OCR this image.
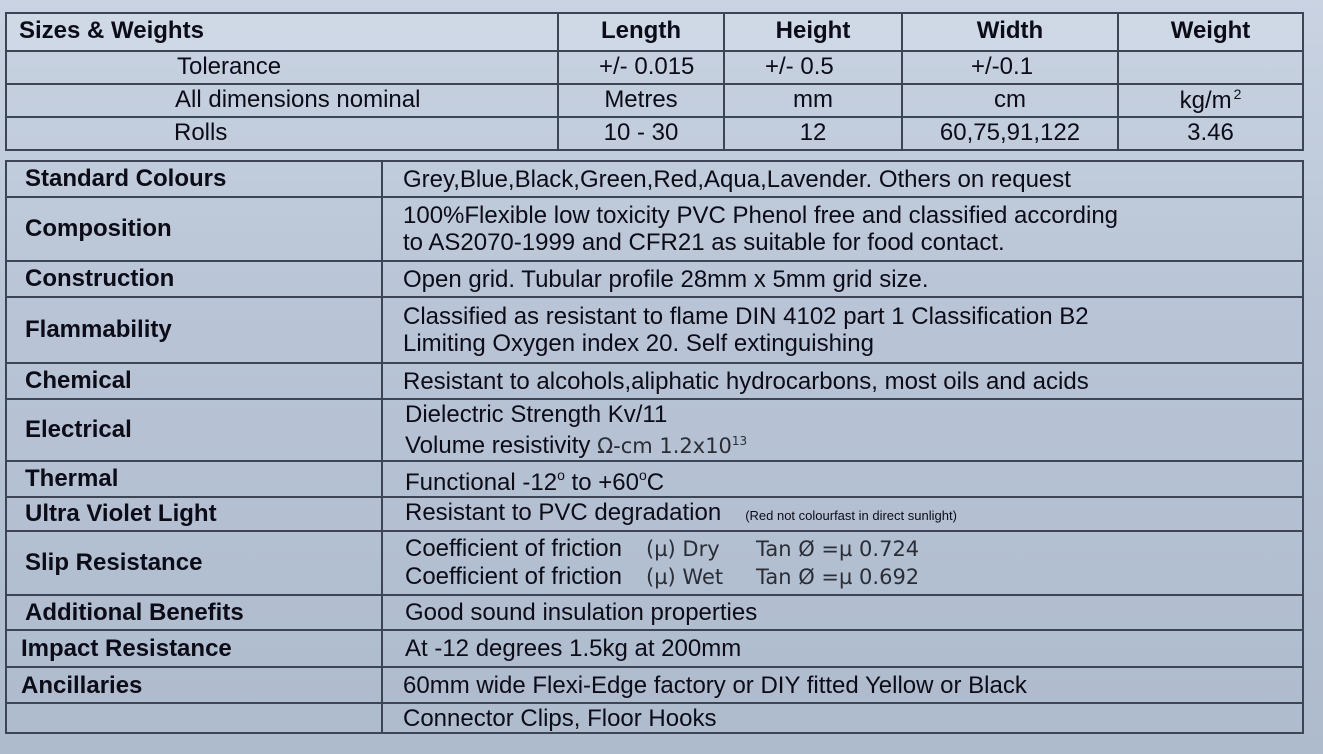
Sizes & Weights	Length	Height	Width	Weight
Tolerance	+/- 0.015	+/- 0.5	+/-0.1	
All dimensions nominal	Metres	mm	cm	kg/m $^2$
Rolls	10 - 30	12	60,75,91,122	3.46
Standard Colours	Grey,Blue,Black,Green,Red,Aqua,Lavender. Others on request
Composition	100%Flexible low toxicity PVC Phenol free and classified according
to AS2070-1999 and CFR21 as suitable for food contact.

Construction	Open grid. Tubular profile 28mm x 5mm grid size.
Flammability	Classified as resistant to flame DIN 4102 part 1 Classification B2
Limiting Oxygen index 20. Self extinguishing

Chemical	Resistant to alcohols,aliphatic hydrocarbons, most oils and acids
Electrical	Dielectric Strength Kv/11
Volume resistivity Ω-cm $1.2x10^{13}$

Thermal	Functional -12$^o$ to $+60^oC$
Ultra Violet Light	Resistant to PVC degradation (Red not colourfast in direct sunlight)
Slip Resistance	Coefficient of friction (µ) Dry Tan Ø =µ 0.724
Coefficient of friction (µ) Wet Tan Ø =µ 0.692

Additional Benefits	Good sound insulation properties
Impact Resistance	At -12 degrees 1.5kg at 200mm
Ancillaries	60mm wide Flexi-Edge factory or DIY fitted Yellow or Black
	Connector Clips, Floor Hooks
